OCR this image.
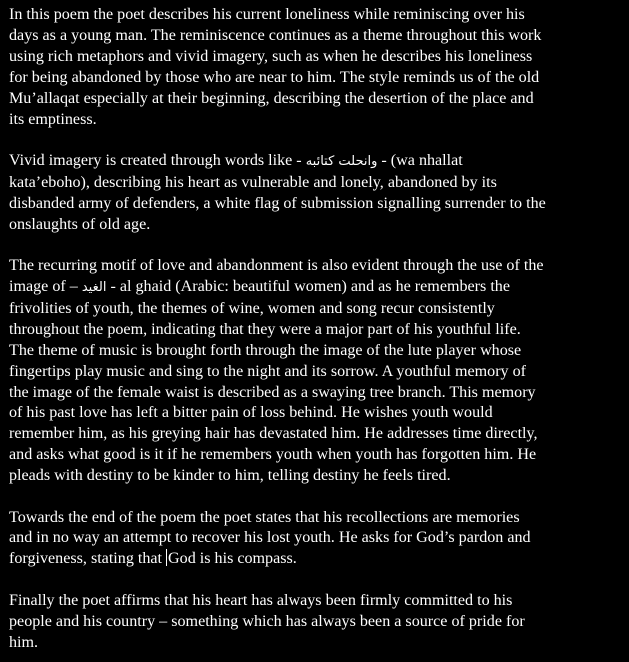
In this poem the poet describes his current loneliness while reminiscing over his
days as a young man. The reminiscence continues as a theme throughout this work
using rich metaphors and vivid imagery, such as when he describes his loneliness
for being abandoned by those who are near to him. The style reminds us of the old
Mu’allaqat especially at their beginning, describing the desertion of the place and
its emptiness.

Vivid imagery is created through words like - وانحلت كتائبه - (wa nhallat
kata’eboho), describing his heart as vulnerable and lonely, abandoned by its
disbanded army of defenders, a white flag of submission signalling surrender to the
onslaughts of old age.

The recurring motif of love and abandonment is also evident through the use of the
image of – الغيد - al ghaid (Arabic: beautiful women) and as he remembers the
frivolities of youth, the themes of wine, women and song recur consistently
throughout the poem, indicating that they were a major part of his youthful life.
The theme of music is brought forth through the image of the lute player whose
fingertips play music and sing to the night and its sorrow. A youthful memory of
the image of the female waist is described as a swaying tree branch. This memory
of his past love has left a bitter pain of loss behind. He wishes youth would
remember him, as his greying hair has devastated him. He addresses time directly,
and asks what good is it if he remembers youth when youth has forgotten him. He
pleads with destiny to be kinder to him, telling destiny he feels tired.

Towards the end of the poem the poet states that his recollections are memories
and in no way an attempt to recover his lost youth. He asks for God’s pardon and
forgiveness, stating that God is his compass.

Finally the poet affirms that his heart has always been firmly committed to his
people and his country – something which has always been a source of pride for
him.
